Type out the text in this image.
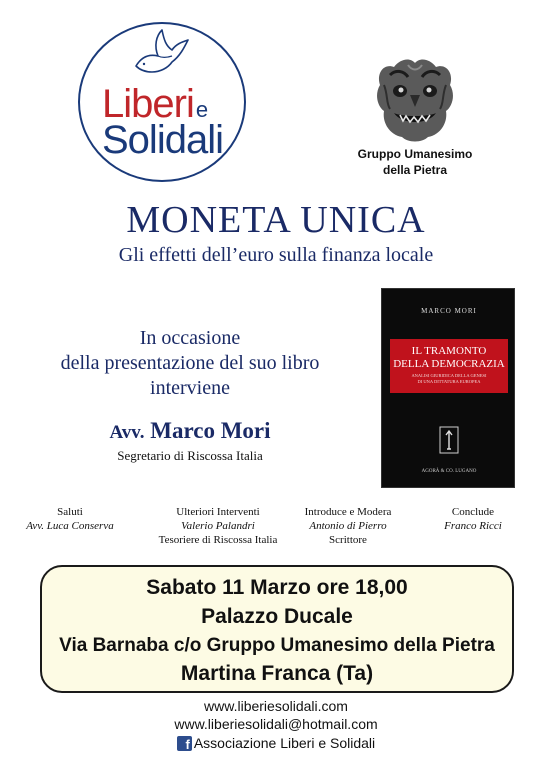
Liberie
Solidali	Gruppo Umanesimo
della Pietra
MONETA UNICA
Gli effetti dell’euro sulla finanza locale
In occasione
della presentazione del suo libro
interviene
Avv. Marco Mori
Segretario di Riscossa Italia
MARCO MORI
IL TRAMONTO
DELLA DEMOCRAZIA
ANALISI GIURIDICA DELLA GENESI
DI UNA DITTATURA EUROPEA
AGORÀ & CO. LUGANO
Saluti
Avv. Luca Conserva
Ulteriori Interventi
Valerio Palandri
Tesoriere di Riscossa Italia
Introduce e Modera
Antonio di Pierro
Scrittore
Conclude
Franco Ricci
Sabato 11 Marzo ore 18,00
Palazzo Ducale
Via Barnaba c/o Gruppo Umanesimo della Pietra
Martina Franca (Ta)
www.liberiesolidali.com
www.liberiesolidali@hotmail.com
f Associazione Liberi e Solidali
